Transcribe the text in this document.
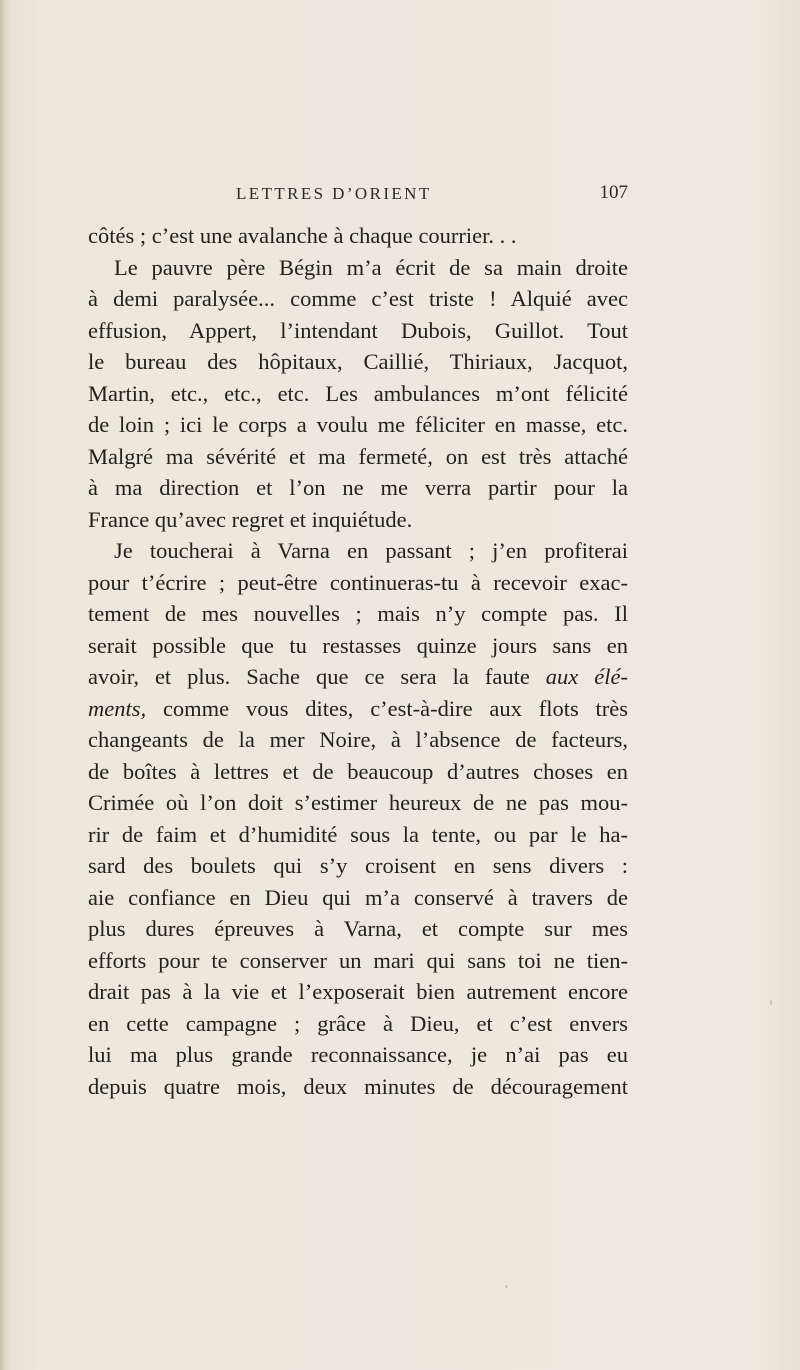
LETTRES D’ORIENT	107
côtés ; c’est une avalanche à chaque courrier. . .
Le pauvre père Bégin m’a écrit de sa main droite
à demi paralysée... comme c’est triste ! Alquié avec
effusion, Appert, l’intendant Dubois, Guillot. Tout
le bureau des hôpitaux, Caillié, Thiriaux, Jacquot,
Martin, etc., etc., etc. Les ambulances m’ont félicité
de loin ; ici le corps a voulu me féliciter en masse, etc.
Malgré ma sévérité et ma fermeté, on est très attaché
à ma direction et l’on ne me verra partir pour la
France qu’avec regret et inquiétude.
Je toucherai à Varna en passant ; j’en profiterai
pour t’écrire ; peut-être continueras-tu à recevoir exac-
tement de mes nouvelles ; mais n’y compte pas. Il
serait possible que tu restasses quinze jours sans en
avoir, et plus. Sache que ce sera la faute aux élé-
ments, comme vous dites, c’est-à-dire aux flots très
changeants de la mer Noire, à l’absence de facteurs,
de boîtes à lettres et de beaucoup d’autres choses en
Crimée où l’on doit s’estimer heureux de ne pas mou-
rir de faim et d’humidité sous la tente, ou par le ha-
sard des boulets qui s’y croisent en sens divers :
aie confiance en Dieu qui m’a conservé à travers de
plus dures épreuves à Varna, et compte sur mes
efforts pour te conserver un mari qui sans toi ne tien-
drait pas à la vie et l’exposerait bien autrement encore
en cette campagne ; grâce à Dieu, et c’est envers
lui ma plus grande reconnaissance, je n’ai pas eu
depuis quatre mois, deux minutes de découragement
